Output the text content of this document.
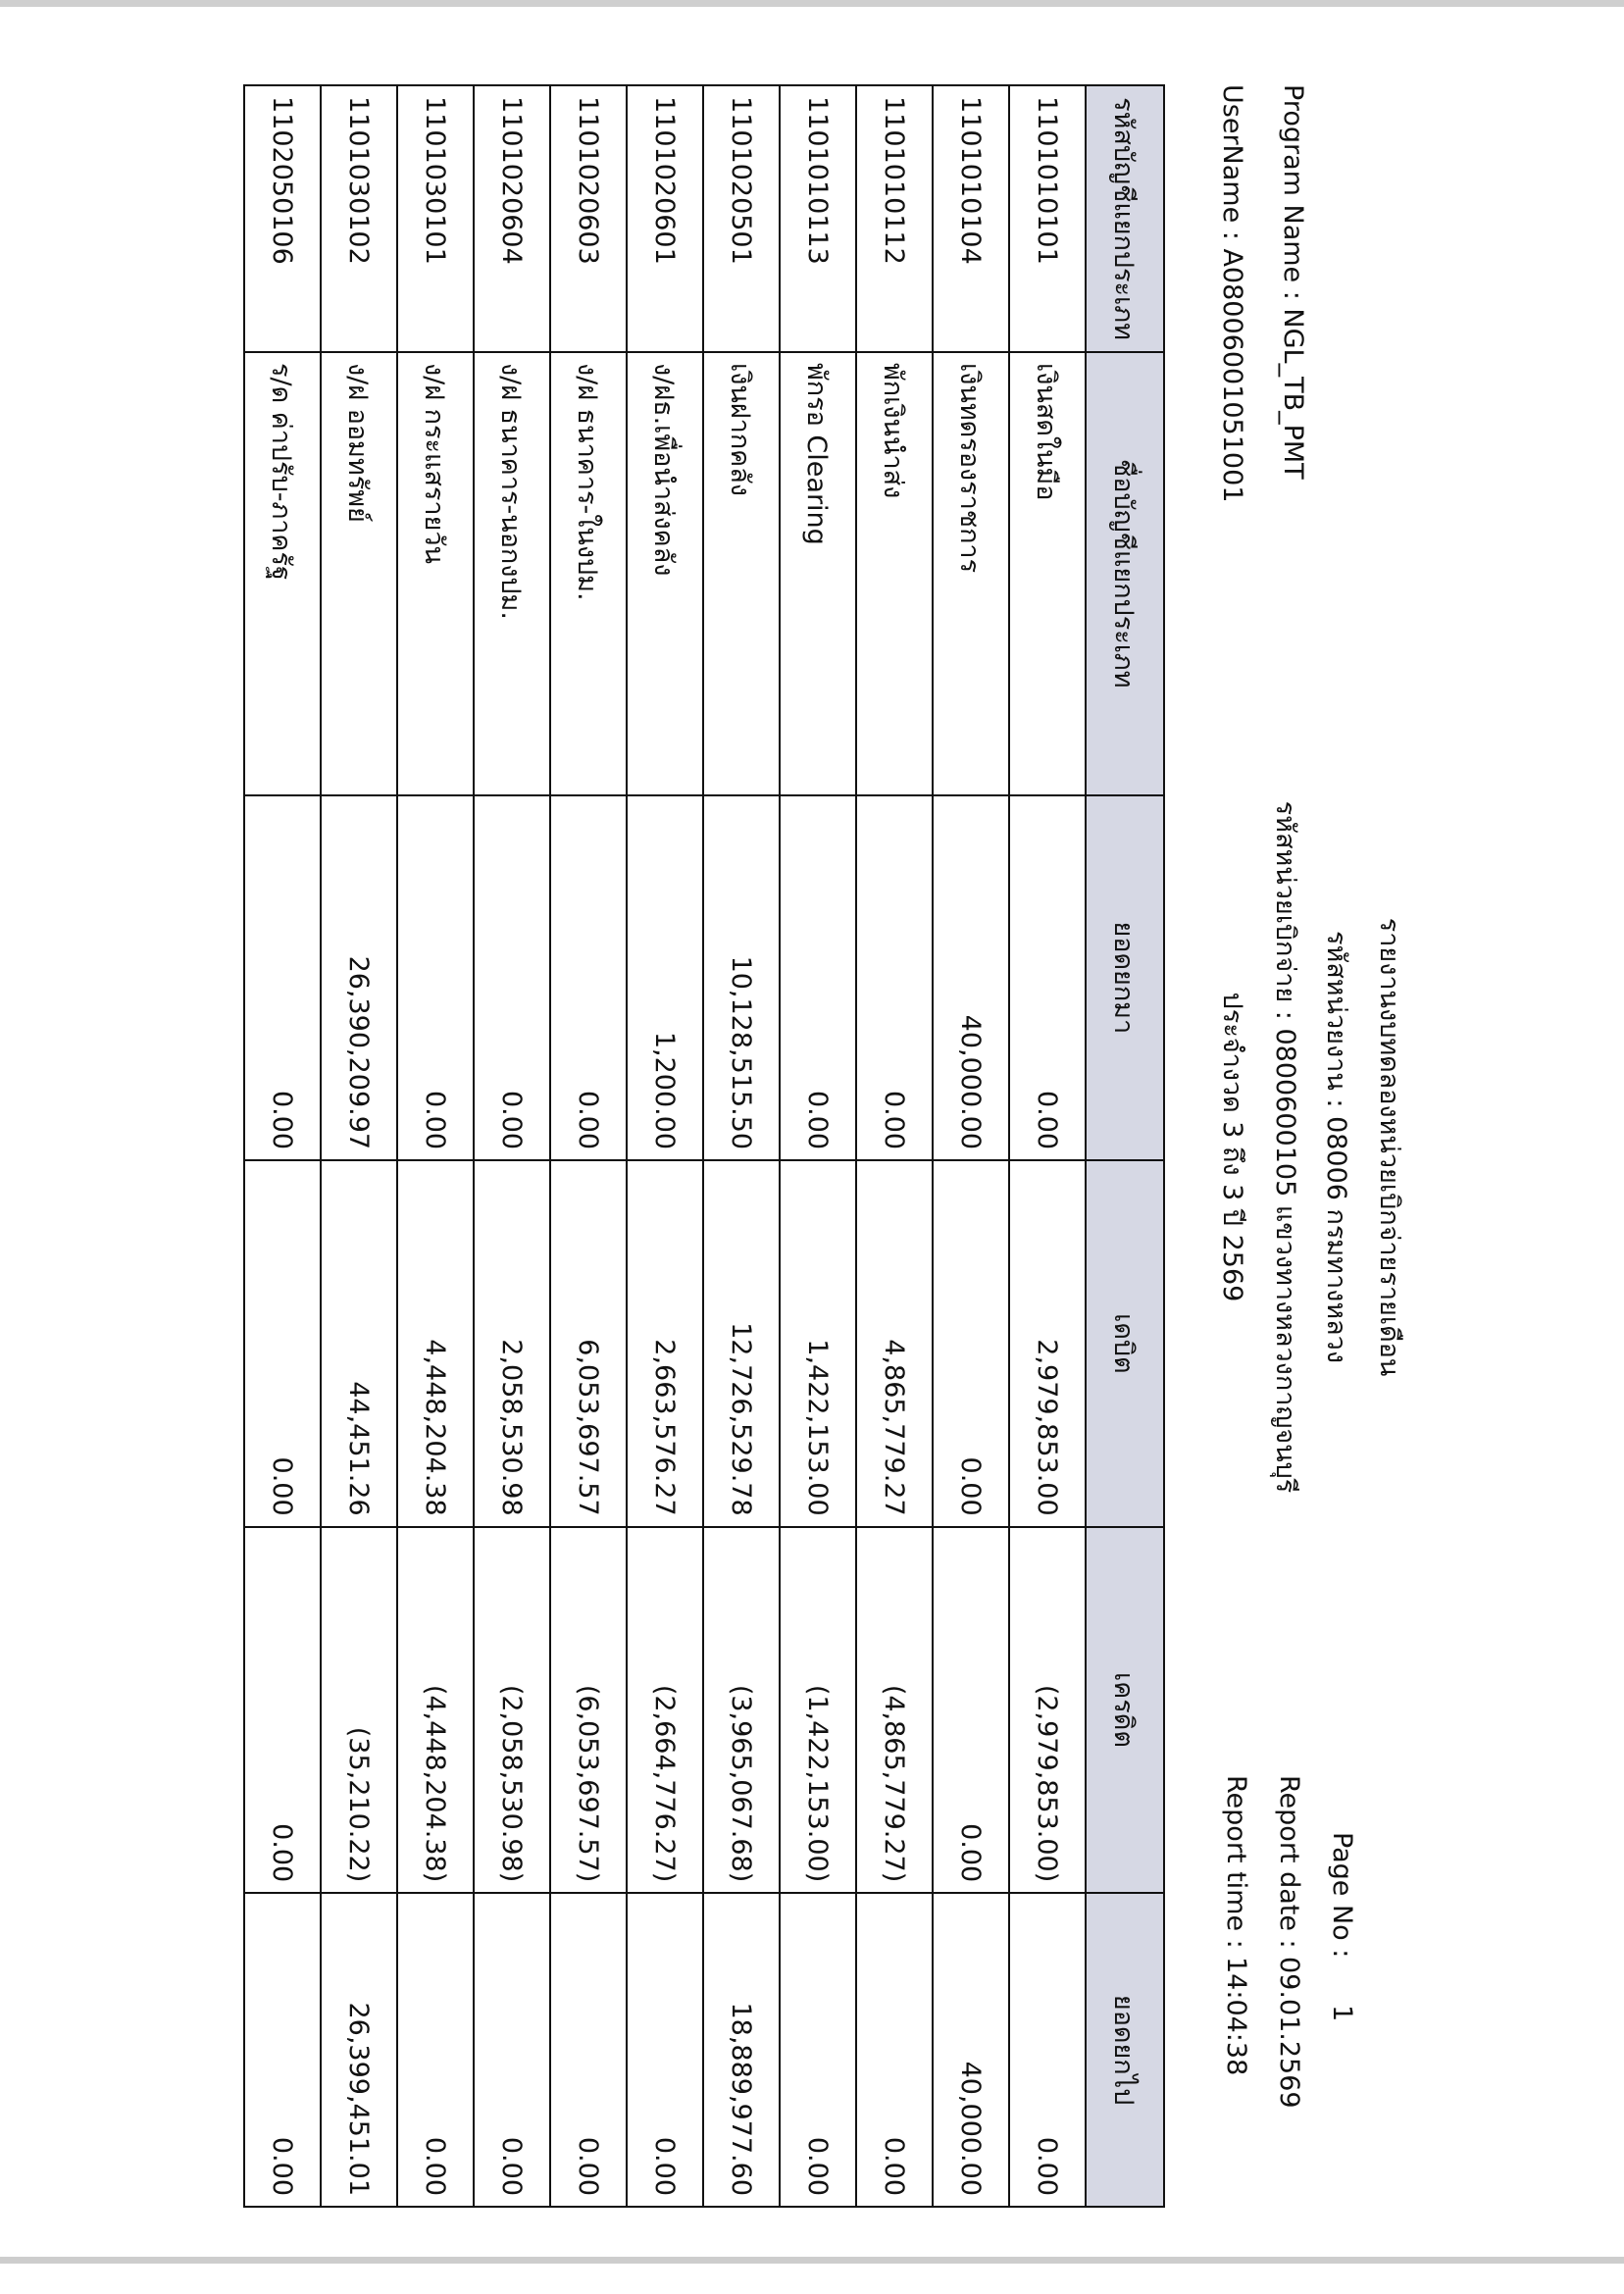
รายงานงบทดลองหน่วยเบิกจ่ายรายเดือน
รหัสหน่วยงาน : 08006 กรมทางหลวง
รหัสหน่วยเบิกจ่าย : 0800600105 แขวงทางหลวงกาญจนบุรี
ประจำงวด 3 ถึง 3 ปี 2569
Program Name : NGL_TB_PMT
UserName : A0800600105100​1
Page No :
1
Report date :
09.01.2569
Report time :
14:04:38
รหัสบัญชีแยกประเภท	ชื่อบัญชีแยกประเภท	ยอดยกมา	เดบิต	เครดิต	ยอดยกไป
1101010101	เงินสดในมือ	0.00	2,979,853.00	(2,979,853.00)	0.00
1101010104	เงินทดรองราชการ	40,000.00	0.00	0.00	40,000.00
1101010112	พักเงินนำส่ง	0.00	4,865,779.27	(4,865,779.27)	0.00
1101010113	พักรอ Clearing	0.00	1,422,153.00	(1,422,153.00)	0.00
1101020501	เงินฝากคลัง	10,128,515.50	12,726,529.78	(3,965,067.68)	18,889,977.60
1101020601	ง/ฝธ.เพื่อนำส่งคลัง	1,200.00	2,663,576.27	(2,664,776.27)	0.00
1101020603	ง/ฝ ธนาคาร-ในงปม.	0.00	6,053,697.57	(6,053,697.57)	0.00
1101020604	ง/ฝ ธนาคาร-นอกงปม.	0.00	2,058,530.98	(2,058,530.98)	0.00
1101030101	ง/ฝ กระแสรายวัน	0.00	4,448,204.38	(4,448,204.38)	0.00
1101030102	ง/ฝ ออมทรัพย์	26,390,209.97	44,451.26	(35,210.22)	26,399,451.01
1102050106	ร/ด ค่าปรับ-ภาครัฐ	0.00	0.00	0.00	0.00
